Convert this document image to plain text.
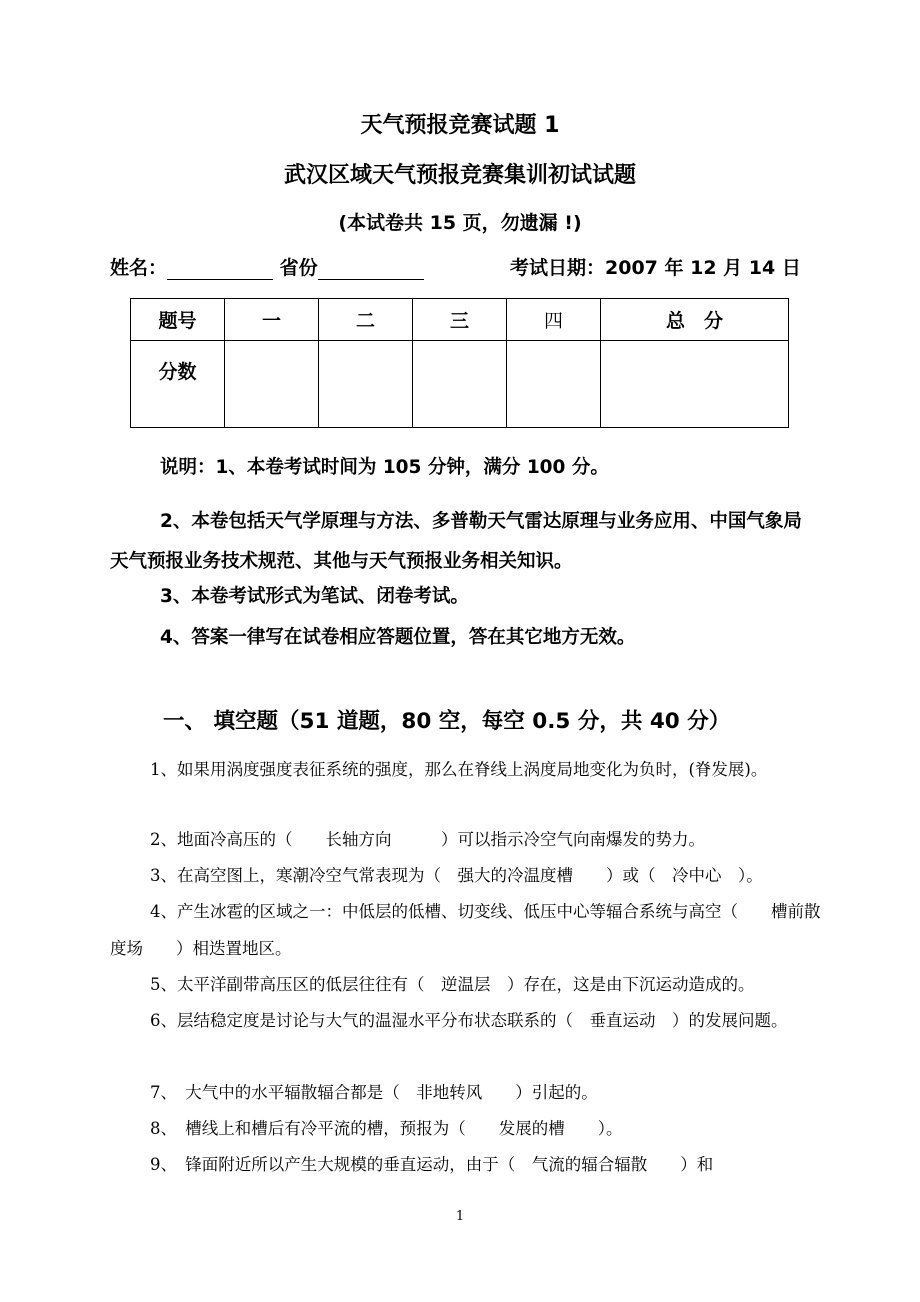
天气预报竞赛试题 1
武汉区域天气预报竞赛集训初试试题
(本试卷共 15 页，勿遗漏 !)
姓名：	省份	考试日期：2007 年 12 月 14 日
题号	一	二	三	四	总　分
分数					
说明：1、本卷考试时间为 105 分钟，满分 100 分。
2、本卷包括天气学原理与方法、多普勒天气雷达原理与业务应用、中国气象局天气预报业务技术规范、其他与天气预报业务相关知识。
3、本卷考试形式为笔试、闭卷考试。
4、答案一律写在试卷相应答题位置，答在其它地方无效。
一、 填空题（51 道题，80 空，每空 0.5 分，共 40 分）
1、如果用涡度强度表征系统的强度，那么在脊线上涡度局地变化为负时，(脊发展)。
2、地面冷高压的（　　长轴方向　　　）可以指示冷空气向南爆发的势力。
3、在高空图上，寒潮冷空气常表现为（　强大的冷温度槽　　）或（　冷中心　）。
4、产生冰雹的区域之一：中低层的低槽、切变线、低压中心等辐合系统与高空（　　槽前散度场　　）相迭置地区。
5、太平洋副带高压区的低层往往有（　逆温层　）存在，这是由下沉运动造成的。
6、层结稳定度是讨论与大气的温湿水平分布状态联系的（　垂直运动　）的发展问题。
7、　大气中的水平辐散辐合都是（　非地转风　　）引起的。
8、　槽线上和槽后有冷平流的槽，预报为（　　发展的槽　　）。
9、　锋面附近所以产生大规模的垂直运动，由于（　气流的辐合辐散　　）和
1
